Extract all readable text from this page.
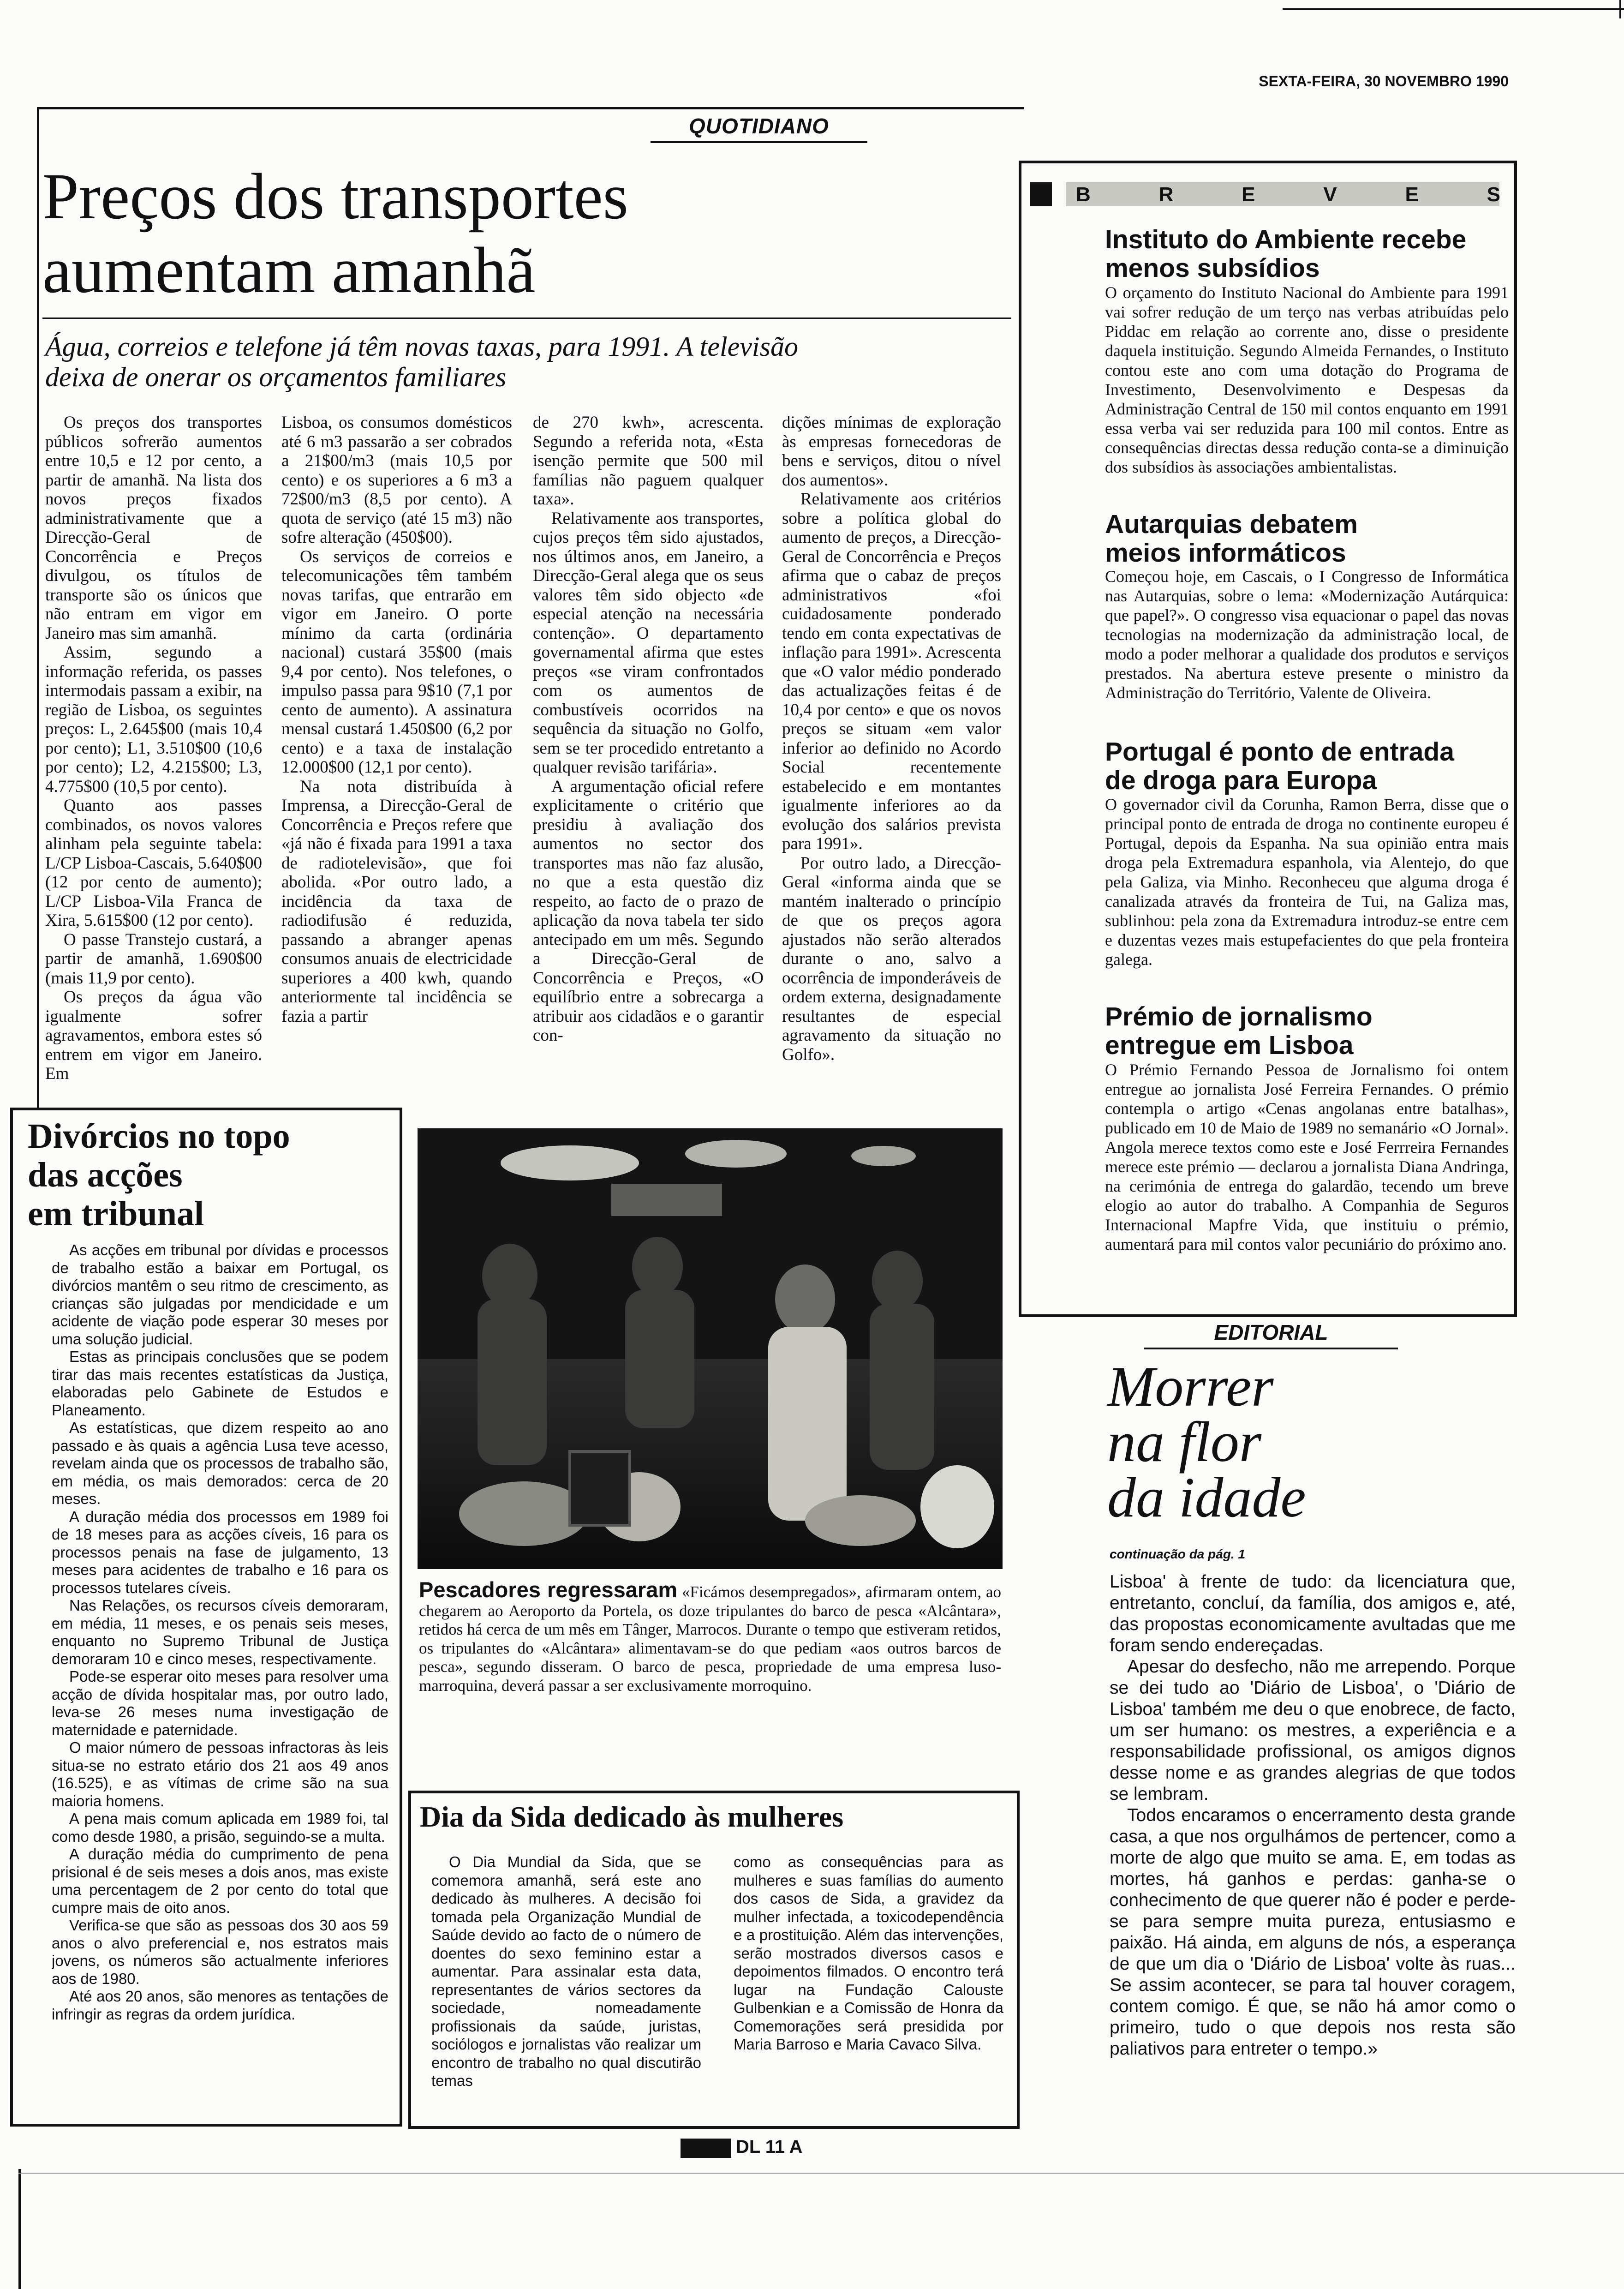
SEXTA-FEIRA, 30 NOVEMBRO 1990
QUOTIDIANO
Preços dos transportes
aumentam amanhã
Água, correios e telefone já têm novas taxas, para 1991. A televisão
deixa de onerar os orçamentos familiares

Os preços dos transportes públicos sofrerão aumentos entre 10,5 e 12 por cento, a partir de amanhã. Na lista dos novos preços fixados administrativamente que a Direcção-Geral de Concorrência e Preços divulgou, os títulos de transporte são os únicos que não entram em vigor em Janeiro mas sim amanhã.

Assim, segundo a informação referida, os passes intermodais passam a exibir, na região de Lisboa, os seguintes preços: L, 2.645$00 (mais 10,4 por cento); L1, 3.510$00 (10,6 por cento); L2, 4.215$00; L3, 4.775$00 (10,5 por cento).

Quanto aos passes combinados, os novos valores alinham pela seguinte tabela: L/CP Lisboa-Cascais, 5.640$00 (12 por cento de aumento); L/CP Lisboa-Vila Franca de Xira, 5.615$00 (12 por cento).

O passe Transtejo custará, a partir de amanhã, 1.690$00 (mais 11,9 por cento).

Os preços da água vão igualmente sofrer agravamentos, embora estes só entrem em vigor em Janeiro. Em

Lisboa, os consumos domésticos até 6 m3 passarão a ser cobrados a 21$00/m3 (mais 10,5 por cento) e os superiores a 6 m3 a 72$00/m3 (8,5 por cento). A quota de serviço (até 15 m3) não sofre alteração (450$00).

Os serviços de correios e telecomunicações têm também novas tarifas, que entrarão em vigor em Janeiro. O porte mínimo da carta (ordinária nacional) custará 35$00 (mais 9,4 por cento). Nos telefones, o impulso passa para 9$10 (7,1 por cento de aumento). A assinatura mensal custará 1.450$00 (6,2 por cento) e a taxa de instalação 12.000$00 (12,1 por cento).

Na nota distribuída à Imprensa, a Direcção-Geral de Concorrência e Preços refere que «já não é fixada para 1991 a taxa de radiotelevisão», que foi abolida. «Por outro lado, a incidência da taxa de radiodifusão é reduzida, passando a abranger apenas consumos anuais de electricidade superiores a 400 kwh, quando anteriormente tal incidência se fazia a partir

de 270 kwh», acrescenta. Segundo a referida nota, «Esta isenção permite que 500 mil famílias não paguem qualquer taxa».

Relativamente aos transportes, cujos preços têm sido ajustados, nos últimos anos, em Janeiro, a Direcção-Geral alega que os seus valores têm sido objecto «de especial atenção na necessária contenção». O departamento governamental afirma que estes preços «se viram confrontados com os aumentos de combustíveis ocorridos na sequência da situação no Golfo, sem se ter procedido entretanto a qualquer revisão tarifária».

A argumentação oficial refere explicitamente o critério que presidiu à avaliação dos aumentos no sector dos transportes mas não faz alusão, no que a esta questão diz respeito, ao facto de o prazo de aplicação da nova tabela ter sido antecipado em um mês. Segundo a Direcção-Geral de Concorrência e Preços, «O equilíbrio entre a sobrecarga a atribuir aos cidadãos e o garantir con-

dições mínimas de exploração às empresas fornecedoras de bens e serviços, ditou o nível dos aumentos».

Relativamente aos critérios sobre a política global do aumento de preços, a Direcção-Geral de Concorrência e Preços afirma que o cabaz de preços administrativos «foi cuidadosamente ponderado tendo em conta expectativas de inflação para 1991». Acrescenta que «O valor médio ponderado das actualizações feitas é de 10,4 por cento» e que os novos preços se situam «em valor inferior ao definido no Acordo Social recentemente estabelecido e em montantes igualmente inferiores ao da evolução dos salários prevista para 1991».

Por outro lado, a Direcção-Geral «informa ainda que se mantém inalterado o princípio de que os preços agora ajustados não serão alterados durante o ano, salvo a ocorrência de imponderáveis de ordem externa, designadamente resultantes de especial agravamento da situação no Golfo».

B	R	E	V	E	S
Instituto do Ambiente recebe
menos subsídios

O orçamento do Instituto Nacional do Ambiente para 1991 vai sofrer redução de um terço nas verbas atribuídas pelo Piddac em relação ao corrente ano, disse o presidente daquela instituição. Segundo Almeida Fernandes, o Instituto contou este ano com uma dotação do Programa de Investimento, Desenvolvimento e Despesas da Administração Central de 150 mil contos enquanto em 1991 essa verba vai ser reduzida para 100 mil contos. Entre as consequências directas dessa redução conta-se a diminuição dos subsídios às associações ambientalistas.

Autarquias debatem
meios informáticos

Começou hoje, em Cascais, o I Congresso de Informática nas Autarquias, sobre o lema: «Modernização Autárquica: que papel?». O congresso visa equacionar o papel das novas tecnologias na modernização da administração local, de modo a poder melhorar a qualidade dos produtos e serviços prestados. Na abertura esteve presente o ministro da Administração do Território, Valente de Oliveira.

Portugal é ponto de entrada
de droga para Europa

O governador civil da Corunha, Ramon Berra, disse que o principal ponto de entrada de droga no continente europeu é Portugal, depois da Espanha. Na sua opinião entra mais droga pela Extremadura espanhola, via Alentejo, do que pela Galiza, via Minho. Reconheceu que alguma droga é canalizada através da fronteira de Tui, na Galiza mas, sublinhou: pela zona da Extremadura introduz-se entre cem e duzentas vezes mais estupefacientes do que pela fronteira galega.

Prémio de jornalismo
entregue em Lisboa

O Prémio Fernando Pessoa de Jornalismo foi ontem entregue ao jornalista José Ferreira Fernandes. O prémio contempla o artigo «Cenas angolanas entre batalhas», publicado em 10 de Maio de 1989 no semanário «O Jornal». Angola merece textos como este e José Ferrreira Fernandes merece este prémio — declarou a jornalista Diana Andringa, na cerimónia de entrega do galardão, tecendo um breve elogio ao autor do trabalho. A Companhia de Seguros Internacional Mapfre Vida, que instituiu o prémio, aumentará para mil contos valor pecuniário do próximo ano.

Divórcios no topo
das acções
em tribunal

As acções em tribunal por dívidas e processos de trabalho estão a baixar em Portugal, os divórcios mantêm o seu ritmo de crescimento, as crianças são julgadas por mendicidade e um acidente de viação pode esperar 30 meses por uma solução judicial.

Estas as principais conclusões que se podem tirar das mais recentes estatísticas da Justiça, elaboradas pelo Gabinete de Estudos e Planeamento.

As estatísticas, que dizem respeito ao ano passado e às quais a agência Lusa teve acesso, revelam ainda que os processos de trabalho são, em média, os mais demorados: cerca de 20 meses.

A duração média dos processos em 1989 foi de 18 meses para as acções cíveis, 16 para os processos penais na fase de julgamento, 13 meses para acidentes de trabalho e 16 para os processos tutelares cíveis.

Nas Relações, os recursos cíveis demoraram, em média, 11 meses, e os penais seis meses, enquanto no Supremo Tribunal de Justiça demoraram 10 e cinco meses, respectivamente.

Pode-se esperar oito meses para resolver uma acção de dívida hospitalar mas, por outro lado, leva-se 26 meses numa investigação de maternidade e paternidade.

O maior número de pessoas infractoras às leis situa-se no estrato etário dos 21 aos 49 anos (16.525), e as vítimas de crime são na sua maioria homens.

A pena mais comum aplicada em 1989 foi, tal como desde 1980, a prisão, seguindo-se a multa.

A duração média do cumprimento de pena prisional é de seis meses a dois anos, mas existe uma percentagem de 2 por cento do total que cumpre mais de oito anos.

Verifica-se que são as pessoas dos 30 aos 59 anos o alvo preferencial e, nos estratos mais jovens, os números são actualmente inferiores aos de 1980.

Até aos 20 anos, são menores as tentações de infringir as regras da ordem jurídica.

Pescadores regressaram «Ficámos desempregados», afirmaram ontem, ao chegarem ao Aeroporto da Portela, os doze tripulantes do barco de pesca «Alcântara», retidos há cerca de um mês em Tânger, Marrocos. Durante o tempo que estiveram retidos, os tripulantes do «Alcântara» alimentavam-se do que pediam «aos outros barcos de pesca», segundo disseram. O barco de pesca, propriedade de uma empresa luso-marroquina, deverá passar a ser exclusivamente morroquino.
Dia da Sida dedicado às mulheres

O Dia Mundial da Sida, que se comemora amanhã, será este ano dedicado às mulheres. A decisão foi tomada pela Organização Mundial de Saúde devido ao facto de o número de doentes do sexo feminino estar a aumentar. Para assinalar esta data, representantes de vários sectores da sociedade, nomeadamente profissionais da saúde, juristas, sociólogos e jornalistas vão realizar um encontro de trabalho no qual discutirão temas

como as consequências para as mulheres e suas famílias do aumento dos casos de Sida, a gravidez da mulher infectada, a toxicodependência e a prostituição. Além das intervenções, serão mostrados diversos casos e depoimentos filmados. O encontro terá lugar na Fundação Calouste Gulbenkian e a Comissão de Honra da Comemorações será presidida por Maria Barroso e Maria Cavaco Silva.

EDITORIAL
Morrer
na flor
da idade
continuação da pág. 1

Lisboa' à frente de tudo: da licenciatura que, entretanto, concluí, da família, dos amigos e, até, das propostas economicamente avultadas que me foram sendo endereçadas.

Apesar do desfecho, não me arrependo. Porque se dei tudo ao 'Diário de Lisboa', o 'Diário de Lisboa' também me deu o que enobrece, de facto, um ser humano: os mestres, a experiência e a responsabilidade profissional, os amigos dignos desse nome e as grandes alegrias de que todos se lembram.

Todos encaramos o encerramento desta grande casa, a que nos orgulhámos de pertencer, como a morte de algo que muito se ama. E, em todas as mortes, há ganhos e perdas: ganha-se o conhecimento de que querer não é poder e perde-se para sempre muita pureza, entusiasmo e paixão. Há ainda, em alguns de nós, a esperança de que um dia o 'Diário de Lisboa' volte às ruas... Se assim acontecer, se para tal houver coragem, contem comigo. É que, se não há amor como o primeiro, tudo o que depois nos resta são paliativos para entreter o tempo.»

DL 11 A
